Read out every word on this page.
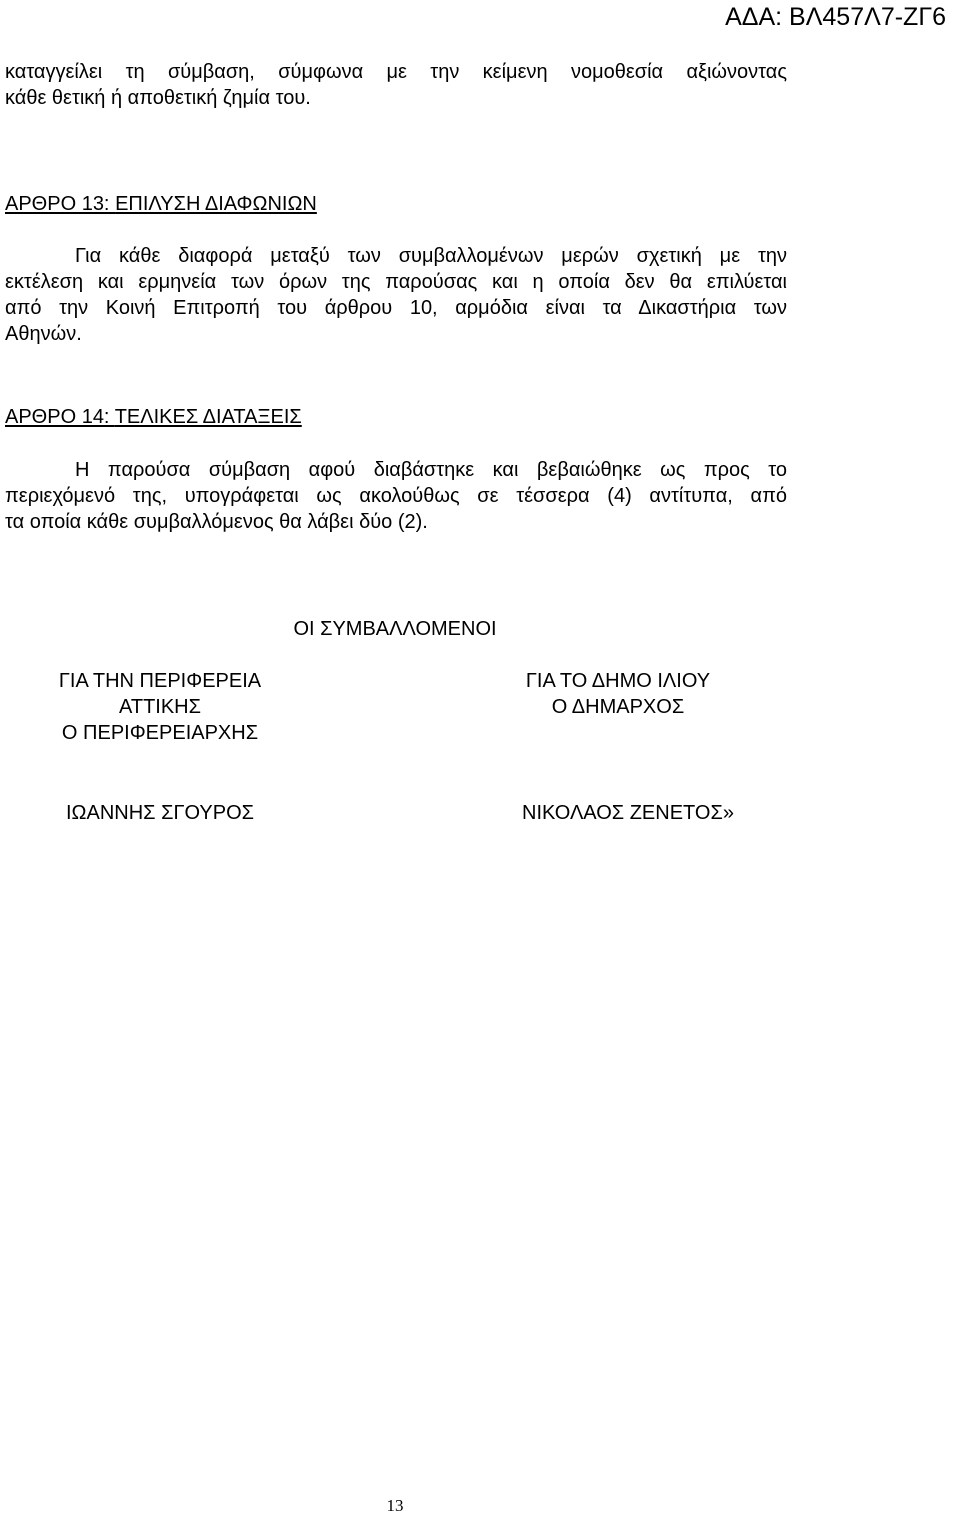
ΑΔΑ: ΒΛ457Λ7-ΖΓ6
καταγγείλει τη σύμβαση, σύμφωνα με την κείμενη νομοθεσία αξιώνοντας
κάθε θετική ή αποθετική ζημία του.
ΑΡΘΡΟ 13: ΕΠΙΛΥΣΗ ΔΙΑΦΩΝΙΩΝ
Για κάθε διαφορά μεταξύ των συμβαλλομένων μερών σχετική με την
εκτέλεση και ερμηνεία των όρων της παρούσας και η οποία δεν θα επιλύεται
από την Κοινή Επιτροπή του άρθρου 10, αρμόδια είναι τα Δικαστήρια των
Αθηνών.
ΑΡΘΡΟ 14: ΤΕΛΙΚΕΣ ΔΙΑΤΑΞΕΙΣ
Η παρούσα σύμβαση αφού διαβάστηκε και βεβαιώθηκε ως προς το
περιεχόμενό της, υπογράφεται ως ακολούθως σε τέσσερα (4) αντίτυπα, από
τα οποία κάθε συμβαλλόμενος θα λάβει δύο (2).
ΟΙ ΣΥΜΒΑΛΛΟΜΕΝΟΙ
ΓΙΑ ΤΗΝ ΠΕΡΙΦΕΡΕΙΑ
ΑΤΤΙΚΗΣ
Ο ΠΕΡΙΦΕΡΕΙΑΡΧΗΣ
ΓΙΑ ΤΟ ΔΗΜΟ ΙΛΙΟΥ
Ο ΔΗΜΑΡΧΟΣ
ΙΩΑΝΝΗΣ ΣΓΟΥΡΟΣ	ΝΙΚΟΛΑΟΣ ΖΕΝΕΤΟΣ»
13
